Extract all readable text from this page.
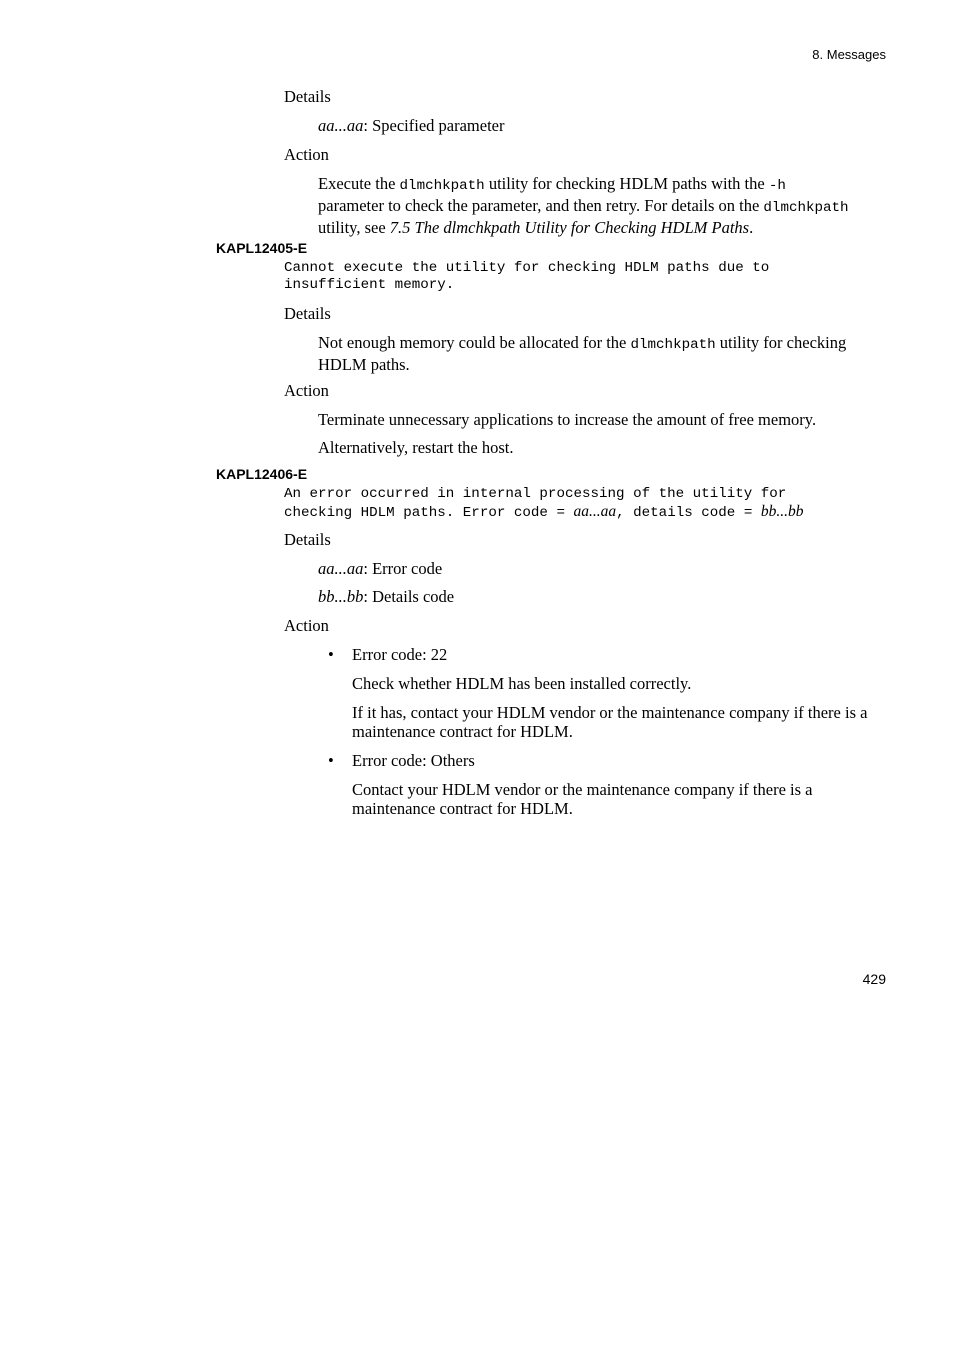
8. Messages
Details
aa...aa: Specified parameter
Action
Execute the dlmchkpath utility for checking HDLM paths with the -h
parameter to check the parameter, and then retry. For details on the dlmchkpath
utility, see 7.5 The dlmchkpath Utility for Checking HDLM Paths.
KAPL12405-E
Cannot execute the utility for checking HDLM paths due to
insufficient memory.
Details
Not enough memory could be allocated for the dlmchkpath utility for checking
HDLM paths.
Action
Terminate unnecessary applications to increase the amount of free memory.
Alternatively, restart the host.
KAPL12406-E
An error occurred in internal processing of the utility for
checking HDLM paths. Error code = aa...aa, details code = bb...bb
Details
aa...aa: Error code
bb...bb: Details code
Action
• Error code: 22
Check whether HDLM has been installed correctly.
If it has, contact your HDLM vendor or the maintenance company if there is a maintenance contract for HDLM.
• Error code: Others
Contact your HDLM vendor or the maintenance company if there is a maintenance contract for HDLM.
429
